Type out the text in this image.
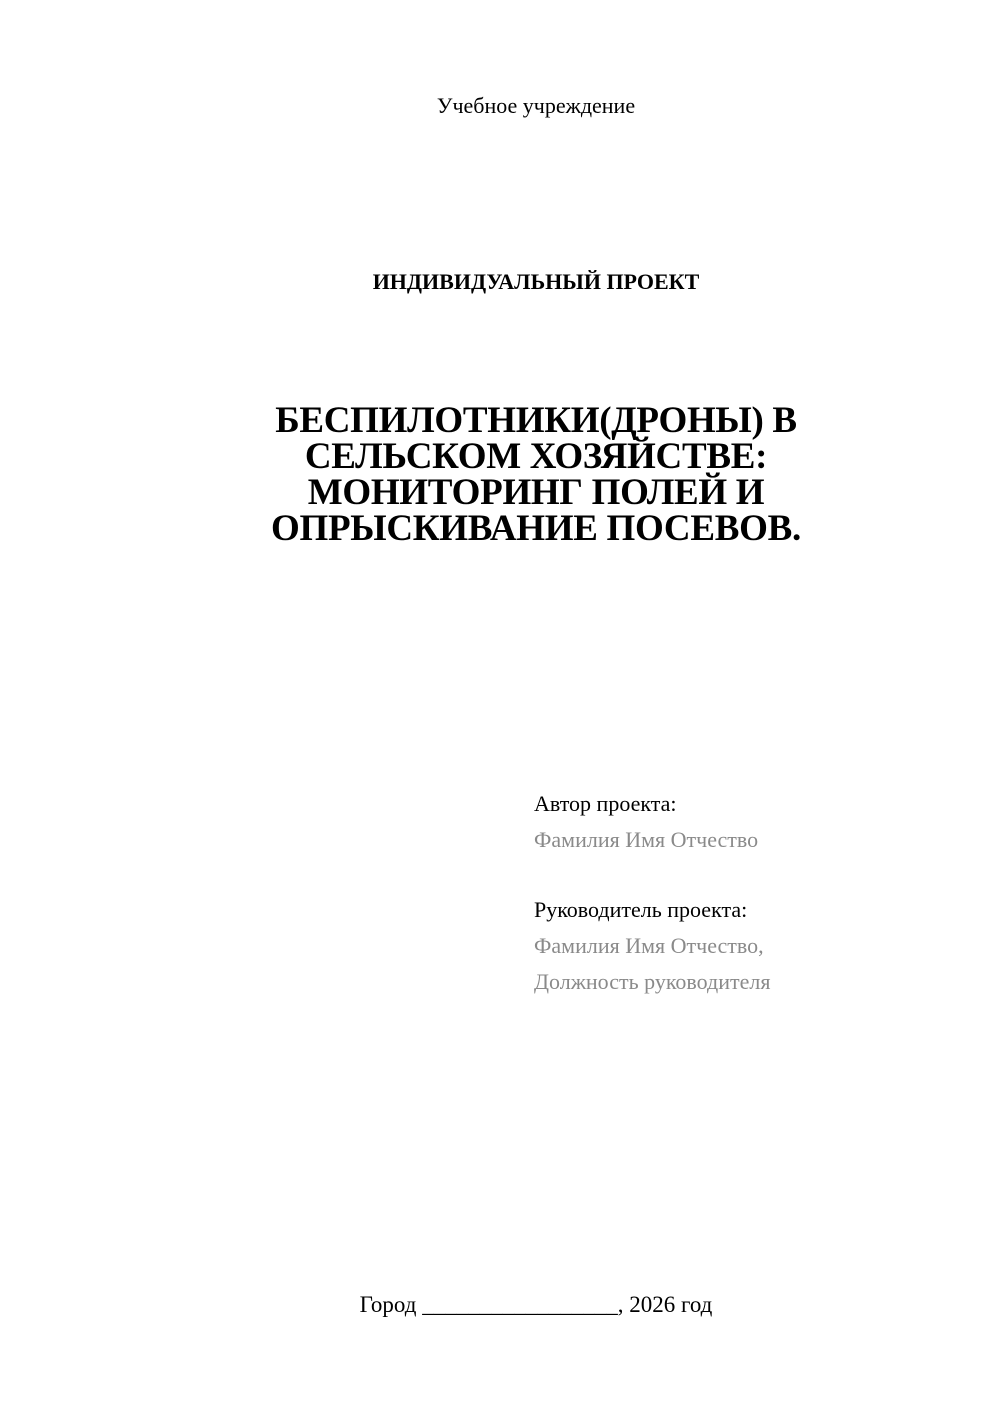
Учебное учреждение
ИНДИВИДУАЛЬНЫЙ ПРОЕКТ
БЕСПИЛОТНИКИ(ДРОНЫ) В
СЕЛЬСКОМ ХОЗЯЙСТВЕ:
МОНИТОРИНГ ПОЛЕЙ И
ОПРЫСКИВАНИЕ ПОСЕВОВ.
Автор проекта:
Фамилия Имя Отчество
Руководитель проекта:
Фамилия Имя Отчество,
Должность руководителя
Город _________________, 2026 год
